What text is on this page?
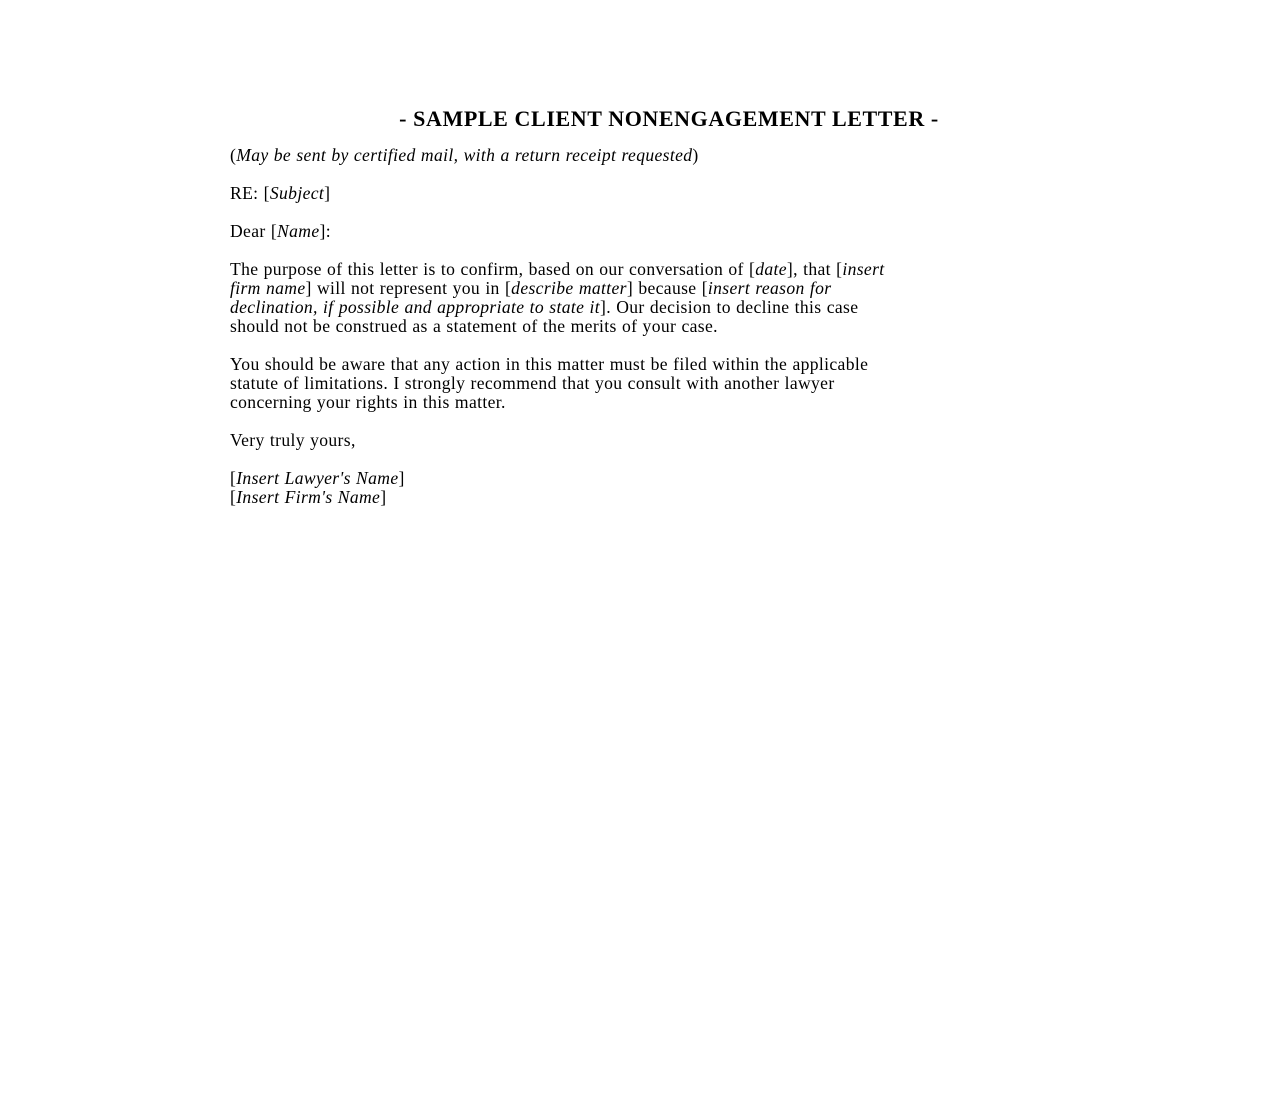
- SAMPLE CLIENT NONENGAGEMENT LETTER -

(May be sent by certified mail, with a return receipt requested)

RE: [Subject]

Dear [Name]:

The purpose of this letter is to confirm, based on our conversation of [date], that [insert
firm name] will not represent you in [describe matter] because [insert reason for
declination, if possible and appropriate to state it]. Our decision to decline this case
should not be construed as a statement of the merits of your case.

You should be aware that any action in this matter must be filed within the applicable
statute of limitations. I strongly recommend that you consult with another lawyer
concerning your rights in this matter.

Very truly yours,

[Insert Lawyer's Name]
[Insert Firm's Name]
